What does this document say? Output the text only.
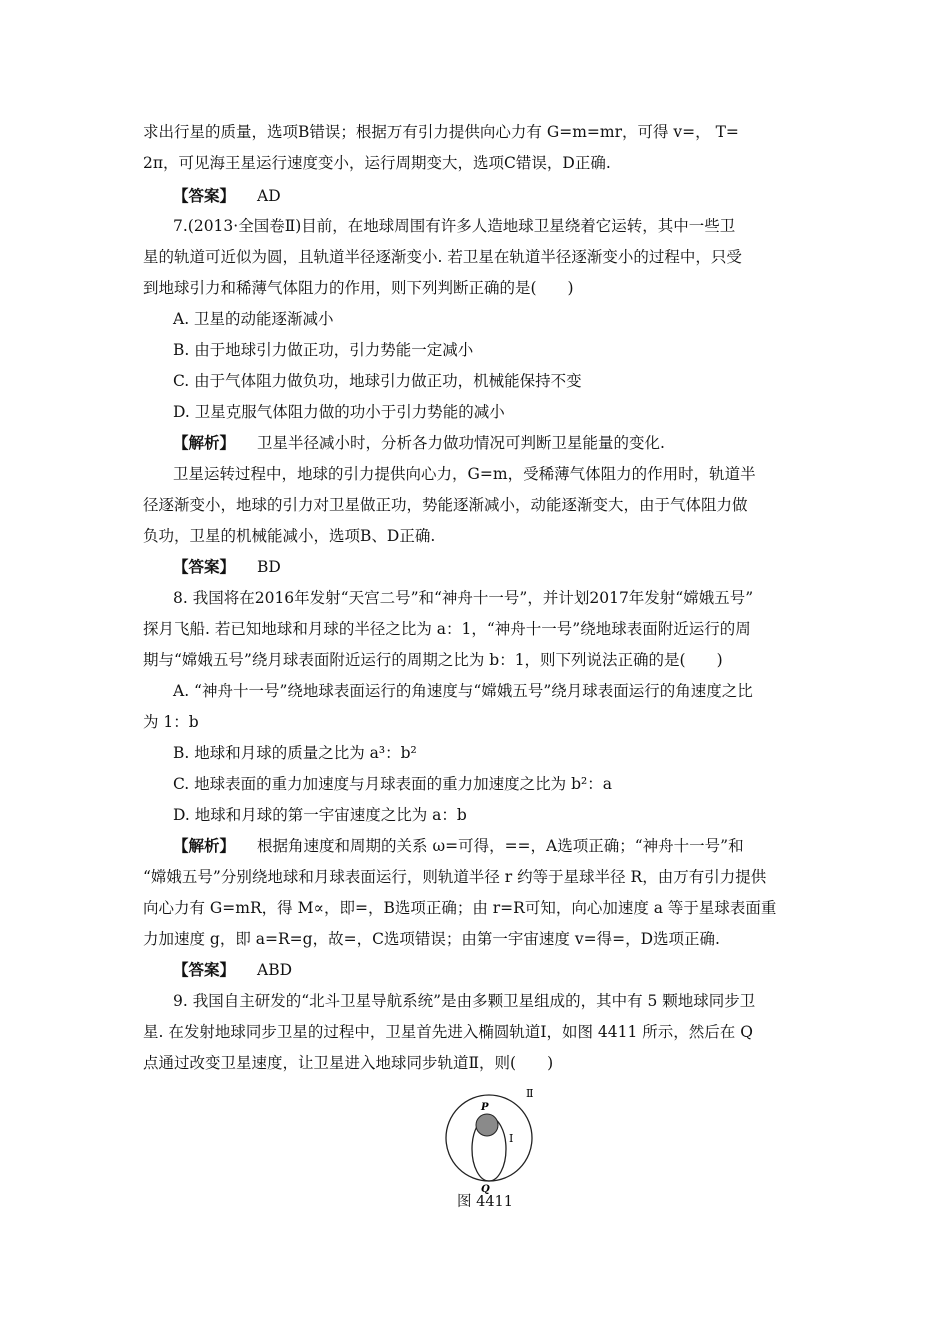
求出行星的质量，选项B错误；根据万有引力提供向心力有 G=m=mr，可得 v=， T=
2π，可见海王星运行速度变小，运行周期变大，选项C错误，D正确.
【答案】 AD
7.(2013·全国卷Ⅱ)目前，在地球周围有许多人造地球卫星绕着它运转，其中一些卫
星的轨道可近似为圆，且轨道半径逐渐变小. 若卫星在轨道半径逐渐变小的过程中，只受
到地球引力和稀薄气体阻力的作用，则下列判断正确的是(　　)
A. 卫星的动能逐渐减小
B. 由于地球引力做正功，引力势能一定减小
C. 由于气体阻力做负功，地球引力做正功，机械能保持不变
D. 卫星克服气体阻力做的功小于引力势能的减小
【解析】 卫星半径减小时，分析各力做功情况可判断卫星能量的变化.
卫星运转过程中，地球的引力提供向心力，G=m，受稀薄气体阻力的作用时，轨道半
径逐渐变小，地球的引力对卫星做正功，势能逐渐减小，动能逐渐变大，由于气体阻力做
负功，卫星的机械能减小，选项B、D正确.
【答案】 BD
8. 我国将在2016年发射“天宫二号”和“神舟十一号”，并计划2017年发射“嫦娥五号”
探月飞船. 若已知地球和月球的半径之比为 a：1，“神舟十一号”绕地球表面附近运行的周
期与“嫦娥五号”绕月球表面附近运行的周期之比为 b：1，则下列说法正确的是(　　)
A. “神舟十一号”绕地球表面运行的角速度与“嫦娥五号”绕月球表面运行的角速度之比
为 1：b
B. 地球和月球的质量之比为 a³：b²
C. 地球表面的重力加速度与月球表面的重力加速度之比为 b²：a
D. 地球和月球的第一宇宙速度之比为 a：b
【解析】 根据角速度和周期的关系 ω=可得，==，A选项正确；“神舟十一号”和
“嫦娥五号”分别绕地球和月球表面运行，则轨道半径 r 约等于星球半径 R，由万有引力提供
向心力有 G=mR，得 M∝，即=，B选项正确；由 r=R可知，向心加速度 a 等于星球表面重
力加速度 g，即 a=R=g，故=，C选项错误；由第一宇宙速度 v=得=，D选项正确.
【答案】 ABD
9. 我国自主研发的“北斗卫星导航系统”是由多颗卫星组成的，其中有 5 颗地球同步卫
星. 在发射地球同步卫星的过程中，卫星首先进入椭圆轨道Ⅰ，如图 4411 所示，然后在 Q
点通过改变卫星速度，让卫星进入地球同步轨道Ⅱ，则(　　)
Ⅱ
Ⅰ
P
Q
图 4411
